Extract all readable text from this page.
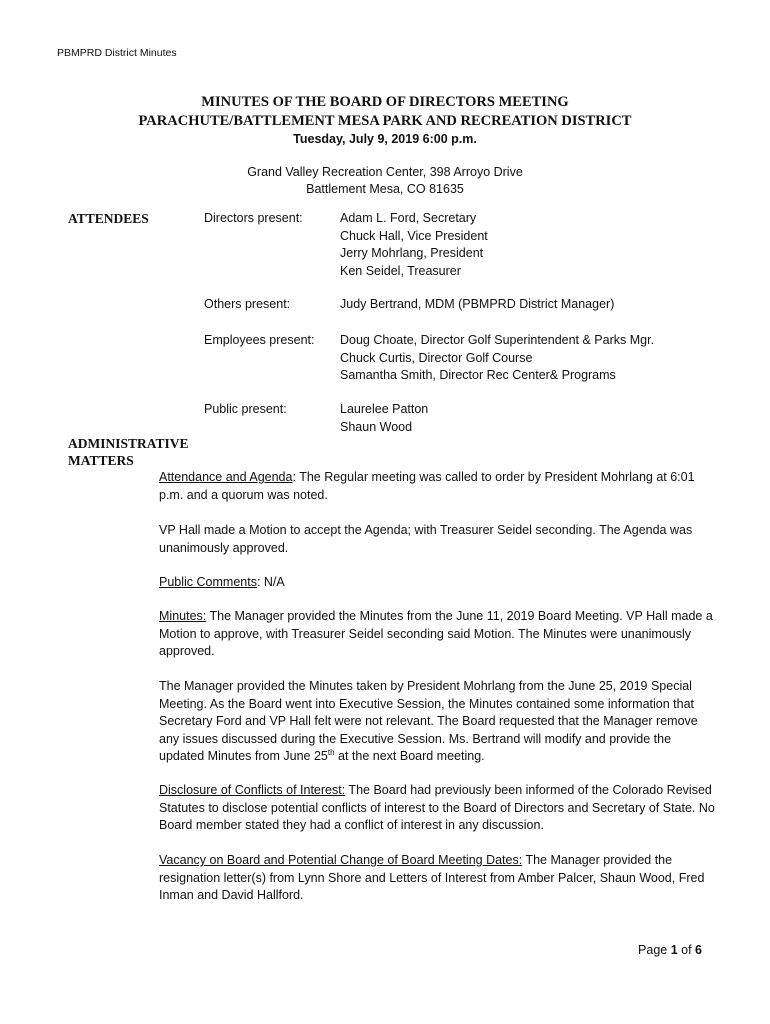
PBMPRD District Minutes
MINUTES OF THE BOARD OF DIRECTORS MEETING
PARACHUTE/BATTLEMENT MESA PARK AND RECREATION DISTRICT
Tuesday, July 9, 2019 6:00 p.m.
Grand Valley Recreation Center, 398 Arroyo Drive
Battlement Mesa, CO 81635
ATTENDEES	Directors present:	Adam L. Ford, Secretary
Chuck Hall, Vice President
Jerry Mohrlang, President
Ken Seidel, Treasurer
Others present:	Judy Bertrand, MDM (PBMPRD District Manager)
Employees present: Doug Choate, Director Golf Superintendent & Parks Mgr.
Chuck Curtis, Director Golf Course
Samantha Smith, Director Rec Center& Programs
Public present:	Laurelee Patton
Shaun Wood
ADMINISTRATIVE
MATTERS
Attendance and Agenda: The Regular meeting was called to order by President Mohrlang at 6:01 p.m. and a quorum was noted.
VP Hall made a Motion to accept the Agenda; with Treasurer Seidel seconding. The Agenda was unanimously approved.
Public Comments: N/A
Minutes: The Manager provided the Minutes from the June 11, 2019 Board Meeting. VP Hall made a Motion to approve, with Treasurer Seidel seconding said Motion. The Minutes were unanimously approved.
The Manager provided the Minutes taken by President Mohrlang from the June 25, 2019 Special Meeting. As the Board went into Executive Session, the Minutes contained some information that Secretary Ford and VP Hall felt were not relevant. The Board requested that the Manager remove any issues discussed during the Executive Session. Ms. Bertrand will modify and provide the updated Minutes from June 25th at the next Board meeting.
Disclosure of Conflicts of Interest: The Board had previously been informed of the Colorado Revised Statutes to disclose potential conflicts of interest to the Board of Directors and Secretary of State. No Board member stated they had a conflict of interest in any discussion.
Vacancy on Board and Potential Change of Board Meeting Dates: The Manager provided the resignation letter(s) from Lynn Shore and Letters of Interest from Amber Palcer, Shaun Wood, Fred Inman and David Hallford.
Page 1 of 6
